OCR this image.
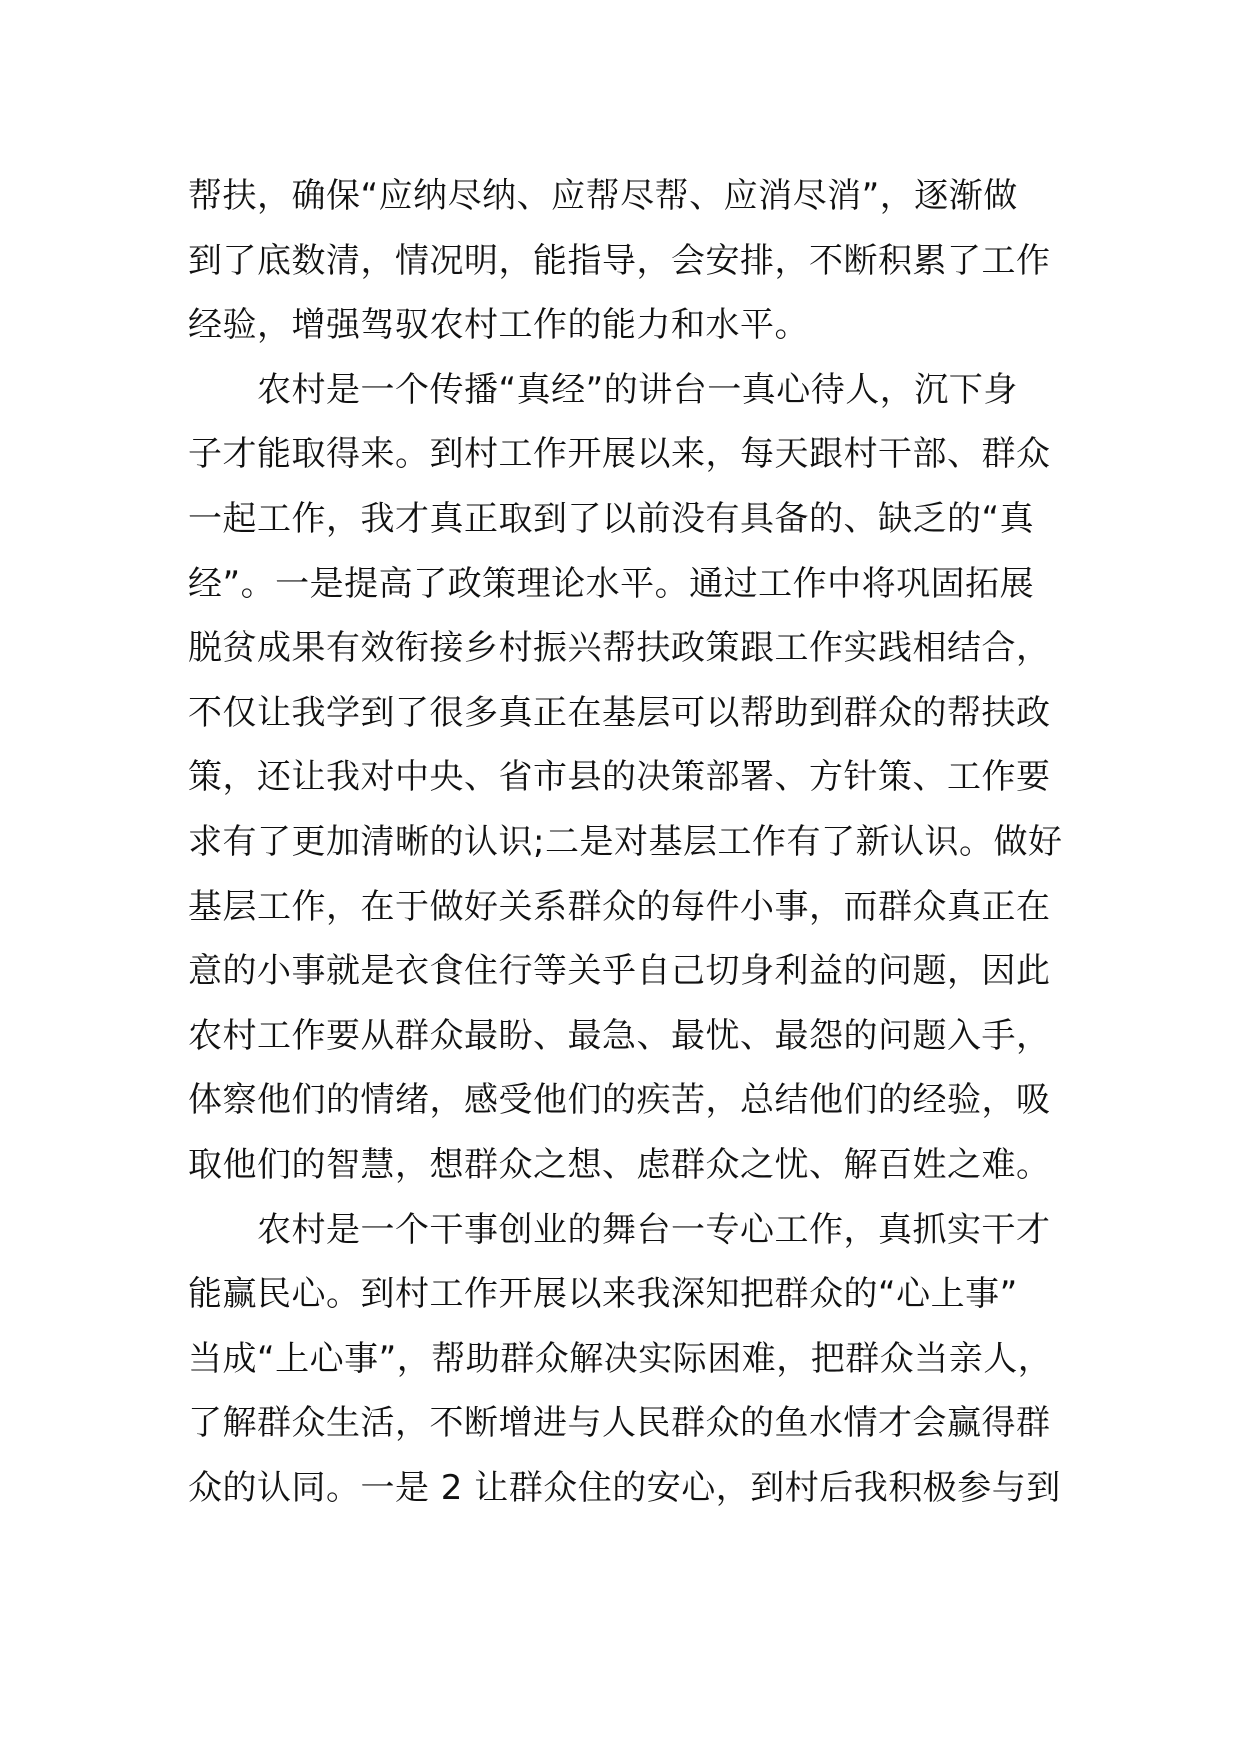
帮扶，确保“应纳尽纳、应帮尽帮、应消尽消”，逐渐做
到了底数清，情况明，能指导，会安排，不断积累了工作
经验，增强驾驭农村工作的能力和水平。
　　农村是一个传播“真经”的讲台一真心待人，沉下身
子才能取得来。到村工作开展以来，每天跟村干部、群众
一起工作，我才真正取到了以前没有具备的、缺乏的“真
经”。一是提高了政策理论水平。通过工作中将巩固拓展
脱贫成果有效衔接乡村振兴帮扶政策跟工作实践相结合，
不仅让我学到了很多真正在基层可以帮助到群众的帮扶政
策，还让我对中央、省市县的决策部署、方针策、工作要
求有了更加清晰的认识;二是对基层工作有了新认识。做好
基层工作，在于做好关系群众的每件小事，而群众真正在
意的小事就是衣食住行等关乎自己切身利益的问题，因此
农村工作要从群众最盼、最急、最忧、最怨的问题入手，
体察他们的情绪，感受他们的疾苦，总结他们的经验，吸
取他们的智慧，想群众之想、虑群众之忧、解百姓之难。
　　农村是一个干事创业的舞台一专心工作，真抓实干才
能赢民心。到村工作开展以来我深知把群众的“心上事”
当成“上心事”，帮助群众解决实际困难，把群众当亲人，
了解群众生活，不断增进与人民群众的鱼水情才会赢得群
众的认同。一是 2 让群众住的安心，到村后我积极参与到
